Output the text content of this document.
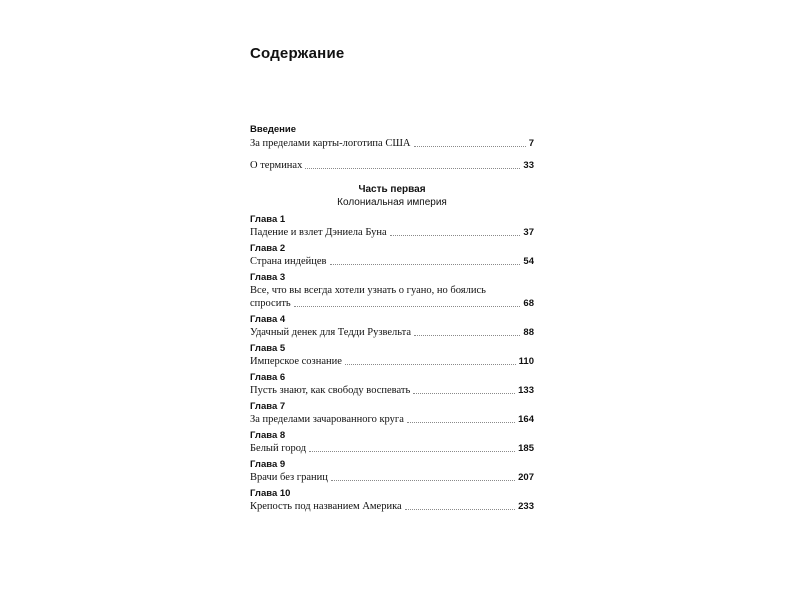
Содержание
Введение
За пределами карты-логотипа США	7
О терминах	33
Часть первая
Колониальная империя
Глава 1
Падение и взлет Дэниела Буна	37
Глава 2
Страна индейцев	54
Глава 3
Все, что вы всегда хотели узнать о гуано, но боялись
спросить	68
Глава 4
Удачный денек для Тедди Рузвельта	88
Глава 5
Имперское сознание	110
Глава 6
Пусть знают, как свободу воспевать	133
Глава 7
За пределами зачарованного круга	164
Глава 8
Белый город	185
Глава 9
Врачи без границ	207
Глава 10
Крепость под названием Америка	233
